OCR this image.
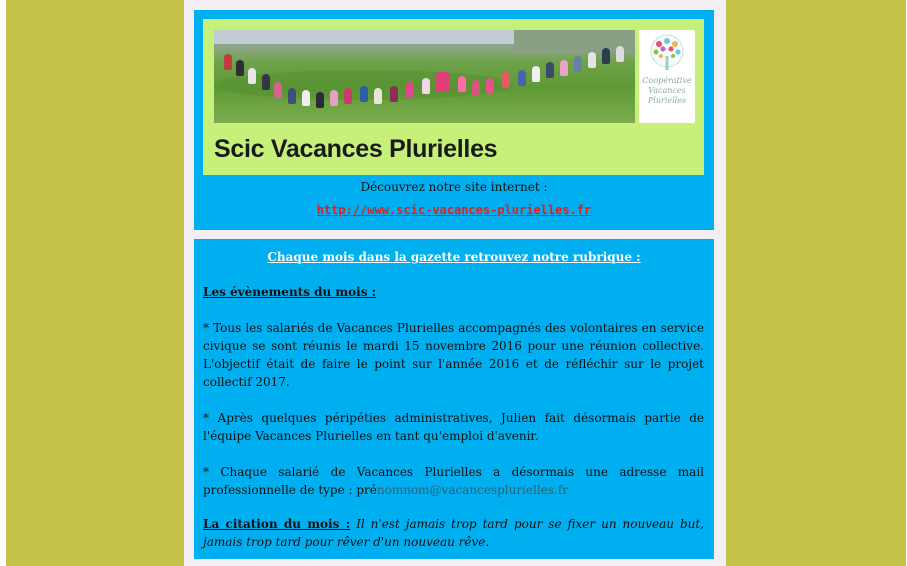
Coopérative
Vacances
Plurielles
Scic Vacances Plurielles
Découvrez notre site internet :
http://www.scic-vacances-plurielles.fr
Chaque mois dans la gazette retrouvez notre rubrique :
Les évènements du mois :
* Tous les salariés de Vacances Plurielles accompagnés des volontaires en service civique se sont réunis le mardi 15 novembre 2016 pour une réunion collective. L'objectif était de faire le point sur l'année 2016 et de réfléchir sur le projet collectif 2017.
* Après quelques péripéties administratives, Julien fait désormais partie de l'équipe Vacances Plurielles en tant qu'emploi d'avenir.
* Chaque salarié de Vacances Plurielles a désormais une adresse mail professionnelle de type : prénomnom@vacancesplurielles.fr
La citation du mois : Il n'est jamais trop tard pour se fixer un nouveau but, jamais trop tard pour rêver d'un nouveau rêve.
